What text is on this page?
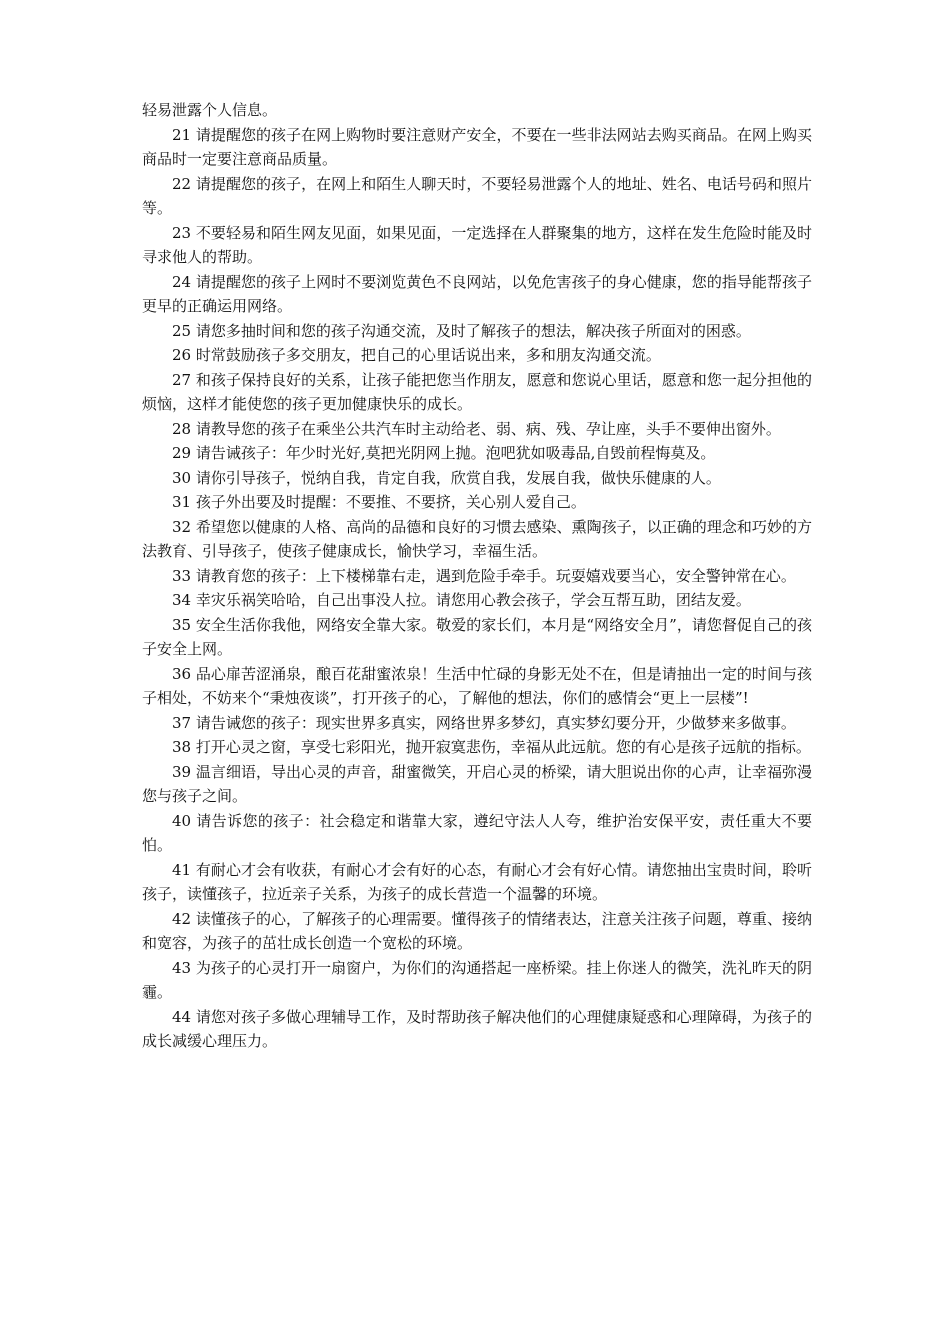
轻易泄露个人信息。

21 请提醒您的孩子在网上购物时要注意财产安全，不要在一些非法网站去购买商品。在网上购买商品时一定要注意商品质量。

22 请提醒您的孩子，在网上和陌生人聊天时，不要轻易泄露个人的地址、姓名、电话号码和照片等。

23 不要轻易和陌生网友见面，如果见面，一定选择在人群聚集的地方，这样在发生危险时能及时寻求他人的帮助。

24 请提醒您的孩子上网时不要浏览黄色不良网站，以免危害孩子的身心健康，您的指导能帮孩子更早的正确运用网络。

25 请您多抽时间和您的孩子沟通交流，及时了解孩子的想法，解决孩子所面对的困惑。

26 时常鼓励孩子多交朋友，把自己的心里话说出来，多和朋友沟通交流。

27 和孩子保持良好的关系，让孩子能把您当作朋友，愿意和您说心里话，愿意和您一起分担他的烦恼，这样才能使您的孩子更加健康快乐的成长。

28 请教导您的孩子在乘坐公共汽车时主动给老、弱、病、残、孕让座，头手不要伸出窗外。

29 请告诫孩子：年少时光好,莫把光阴网上抛。泡吧犹如吸毒品,自毁前程悔莫及。

30 请你引导孩子，悦纳自我，肯定自我，欣赏自我，发展自我，做快乐健康的人。

31 孩子外出要及时提醒：不要推、不要挤，关心别人爱自己。

32 希望您以健康的人格、高尚的品德和良好的习惯去感染、熏陶孩子，以正确的理念和巧妙的方法教育、引导孩子，使孩子健康成长，愉快学习，幸福生活。

33 请教育您的孩子：上下楼梯靠右走，遇到危险手牵手。玩耍嬉戏要当心，安全警钟常在心。

34 幸灾乐祸笑哈哈，自己出事没人拉。请您用心教会孩子，学会互帮互助，团结友爱。

35 安全生活你我他，网络安全靠大家。敬爱的家长们，本月是“网络安全月”，请您督促自己的孩子安全上网。

36 品心扉苦涩涌泉，酿百花甜蜜浓泉！生活中忙碌的身影无处不在，但是请抽出一定的时间与孩子相处，不妨来个“秉烛夜谈”，打开孩子的心，了解他的想法，你们的感情会“更上一层楼”!

37 请告诫您的孩子：现实世界多真实，网络世界多梦幻，真实梦幻要分开，少做梦来多做事。

38 打开心灵之窗，享受七彩阳光，抛开寂寞悲伤，幸福从此远航。您的有心是孩子远航的指标。

39 温言细语，导出心灵的声音，甜蜜微笑，开启心灵的桥梁，请大胆说出你的心声，让幸福弥漫您与孩子之间。

40 请告诉您的孩子：社会稳定和谐靠大家，遵纪守法人人夸，维护治安保平安，责任重大不要怕。

41 有耐心才会有收获，有耐心才会有好的心态，有耐心才会有好心情。请您抽出宝贵时间，聆听孩子，读懂孩子，拉近亲子关系，为孩子的成长营造一个温馨的环境。

42 读懂孩子的心，了解孩子的心理需要。懂得孩子的情绪表达，注意关注孩子问题，尊重、接纳和宽容，为孩子的茁壮成长创造一个宽松的环境。

43 为孩子的心灵打开一扇窗户，为你们的沟通搭起一座桥梁。挂上你迷人的微笑，洗礼昨天的阴霾。

44 请您对孩子多做心理辅导工作，及时帮助孩子解决他们的心理健康疑惑和心理障碍，为孩子的成长减缓心理压力。
